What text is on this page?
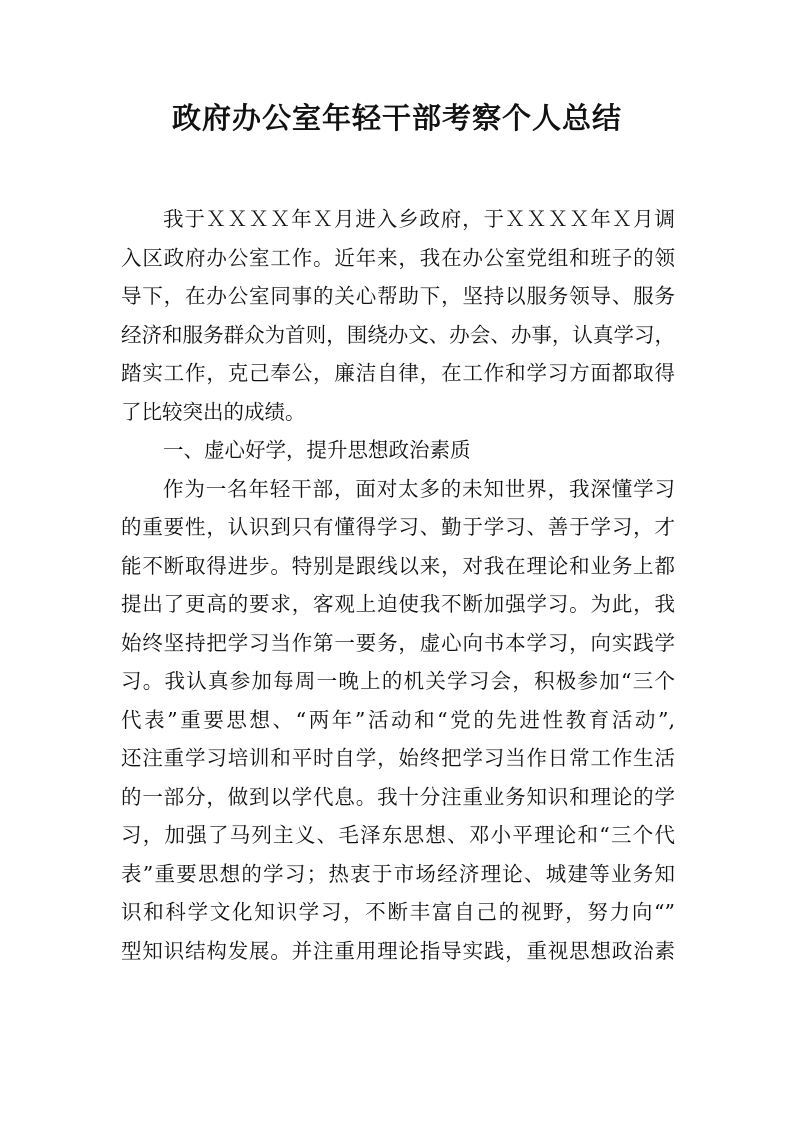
政府办公室年轻干部考察个人总结
我于ＸＸＸＸ年Ｘ月进入乡政府，于ＸＸＸＸ年Ｘ月调
入区政府办公室工作。近年来，我在办公室党组和班子的领
导下，在办公室同事的关心帮助下，坚持以服务领导、服务
经济和服务群众为首则，围绕办文、办会、办事，认真学习，
踏实工作，克己奉公，廉洁自律，在工作和学习方面都取得
了比较突出的成绩。
一、虚心好学，提升思想政治素质
作为一名年轻干部，面对太多的未知世界，我深懂学习
的重要性，认识到只有懂得学习、勤于学习、善于学习，才
能不断取得进步。特别是跟线以来，对我在理论和业务上都
提出了更高的要求，客观上迫使我不断加强学习。为此，我
始终坚持把学习当作第一要务，虚心向书本学习，向实践学
习。我认真参加每周一晚上的机关学习会，积极参加“三个
代表”重要思想、“两年”活动和“党的先进性教育活动”,
还注重学习培训和平时自学，始终把学习当作日常工作生活
的一部分，做到以学代息。我十分注重业务知识和理论的学
习，加强了马列主义、毛泽东思想、邓小平理论和“三个代
表”重要思想的学习；热衷于市场经济理论、城建等业务知
识和科学文化知识学习，不断丰富自己的视野，努力向“”
型知识结构发展。并注重用理论指导实践，重视思想政治素
